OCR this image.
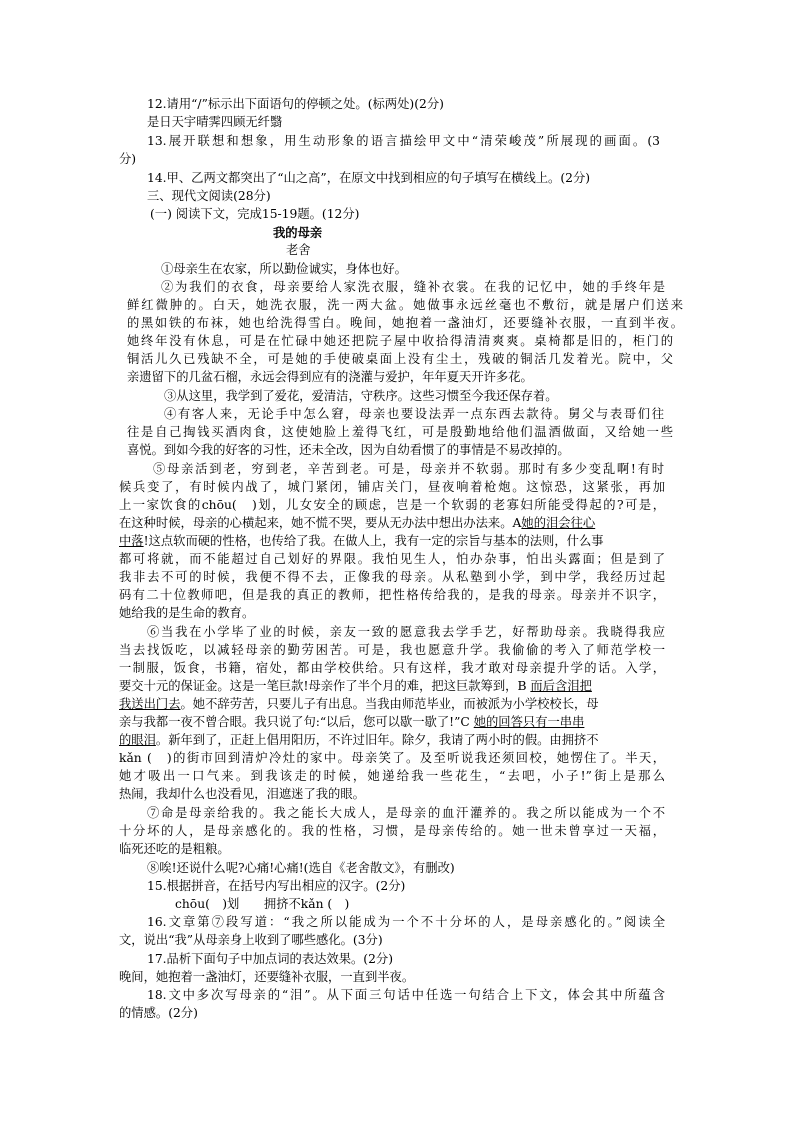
12.请用“/”标示出下面语句的停顿之处。(标两处)(2分)
是日天宇晴霁四顾无纤翳
13.展开联想和想象，用生动形象的语言描绘甲文中“清荣峻茂”所展现的画面。(3
分)
14.甲、乙两文都突出了“山之高”，在原文中找到相应的句子填写在横线上。(2分)
三、现代文阅读(28分)
(一) 阅读下文，完成15-19题。(12分)
我的母亲
老舍
①母亲生在农家，所以勤俭诚实，身体也好。
②为我们的衣食，母亲要给人家洗衣服，缝补衣裳。在我的记忆中，她的手终年是
鲜红微肿的。白天，她洗衣服，洗一两大盆。她做事永远丝毫也不敷衍，就是屠户们送来
的黑如铁的布袜，她也给洗得雪白。晚间，她抱着一盏油灯，还要缝补衣服，一直到半夜。
她终年没有休息，可是在忙碌中她还把院子屋中收拾得清清爽爽。桌椅都是旧的，柜门的
铜活儿久已残缺不全，可是她的手使破桌面上没有尘土，残破的铜活几发着光。院中，父
亲遗留下的几盆石榴，永远会得到应有的浇灌与爱护，年年夏天开许多花。
③从这里，我学到了爱花，爱清洁，守秩序。这些习惯至今我还保存着。
④有客人来，无论手中怎么窘，母亲也要设法弄一点东西去款待。舅父与表哥们往
往是自己掏钱买酒肉食，这使她脸上羞得飞红，可是殷勤地给他们温酒做面，又给她一些
喜悦。到如今我的好客的习性，还未全改，因为自幼看惯了的事情是不易改掉的。
⑤母亲活到老，穷到老，辛苦到老。可是，母亲并不软弱。那时有多少变乱啊!有时
候兵变了，有时候内战了，城门紧闭，铺店关门，昼夜响着枪炮。这惊恐，这紧张，再加
上一家饮食的chōu(　)划，儿女安全的顾虑，岂是一个软弱的老寡妇所能受得起的?可是，
在这种时候，母亲的心横起来，她不慌不哭，要从无办法中想出办法来。A她的泪会往心
中落!这点软而硬的性格，也传给了我。在做人上，我有一定的宗旨与基本的法则，什么事
都可将就，而不能超过自己划好的界限。我怕见生人，怕办杂事，怕出头露面；但是到了
我非去不可的时候，我便不得不去，正像我的母亲。从私塾到小学，到中学，我经历过起
码有二十位教师吧，但是我的真正的教师，把性格传给我的，是我的母亲。母亲并不识字，
她给我的是生命的教育。
⑥当我在小学毕了业的时候，亲友一致的愿意我去学手艺，好帮助母亲。我晓得我应
当去找饭吃，以减轻母亲的勤劳困苦。可是，我也愿意升学。我偷偷的考入了师范学校一
一制服，饭食，书籍，宿处，都由学校供给。只有这样，我才敢对母亲提升学的话。入学，
要交十元的保证金。这是一笔巨款!母亲作了半个月的难，把这巨款筹到，B 而后含泪把
我送出门去。她不辞劳苦，只要儿子有出息。当我由师范毕业，而被派为小学校校长，母
亲与我都一夜不曾合眼。我只说了句:“以后，您可以歇一歇了!”C 她的回答只有一串串
的眼泪。新年到了，正赶上倡用阳历，不许过旧年。除夕，我请了两小时的假。由拥挤不
kǎn (　)的街市回到清炉冷灶的家中。母亲笑了。及至听说我还须回校，她愣住了。半天，
她才吸出一口气来。到我该走的时候，她递给我一些花生，“去吧，小子!”街上是那么
热闹，我却什么也没看见，泪遮迷了我的眼。
⑦命是母亲给我的。我之能长大成人，是母亲的血汗灌养的。我之所以能成为一个不
十分坏的人，是母亲感化的。我的性格，习惯，是母亲传给的。她一世未曾享过一天福，
临死还吃的是粗粮。
⑧唉!还说什么呢?心痛!心痛!(选自《老舍散文》，有删改)
15.根据拼音，在括号内写出相应的汉字。(2分)
chōu(　)划　　拥挤不kǎn (　)
16.文章第⑦段写道：“我之所以能成为一个不十分坏的人，是母亲感化的。”阅读全
文，说出“我”从母亲身上收到了哪些感化。(3分)
17.品析下面句子中加点词的表达效果。(2分)
晚间，她抱着一盏油灯，还要缝补衣服，一直到半夜。
18.文中多次写母亲的“泪”。从下面三句话中任选一句结合上下文，体会其中所蕴含
的情感。(2分)
